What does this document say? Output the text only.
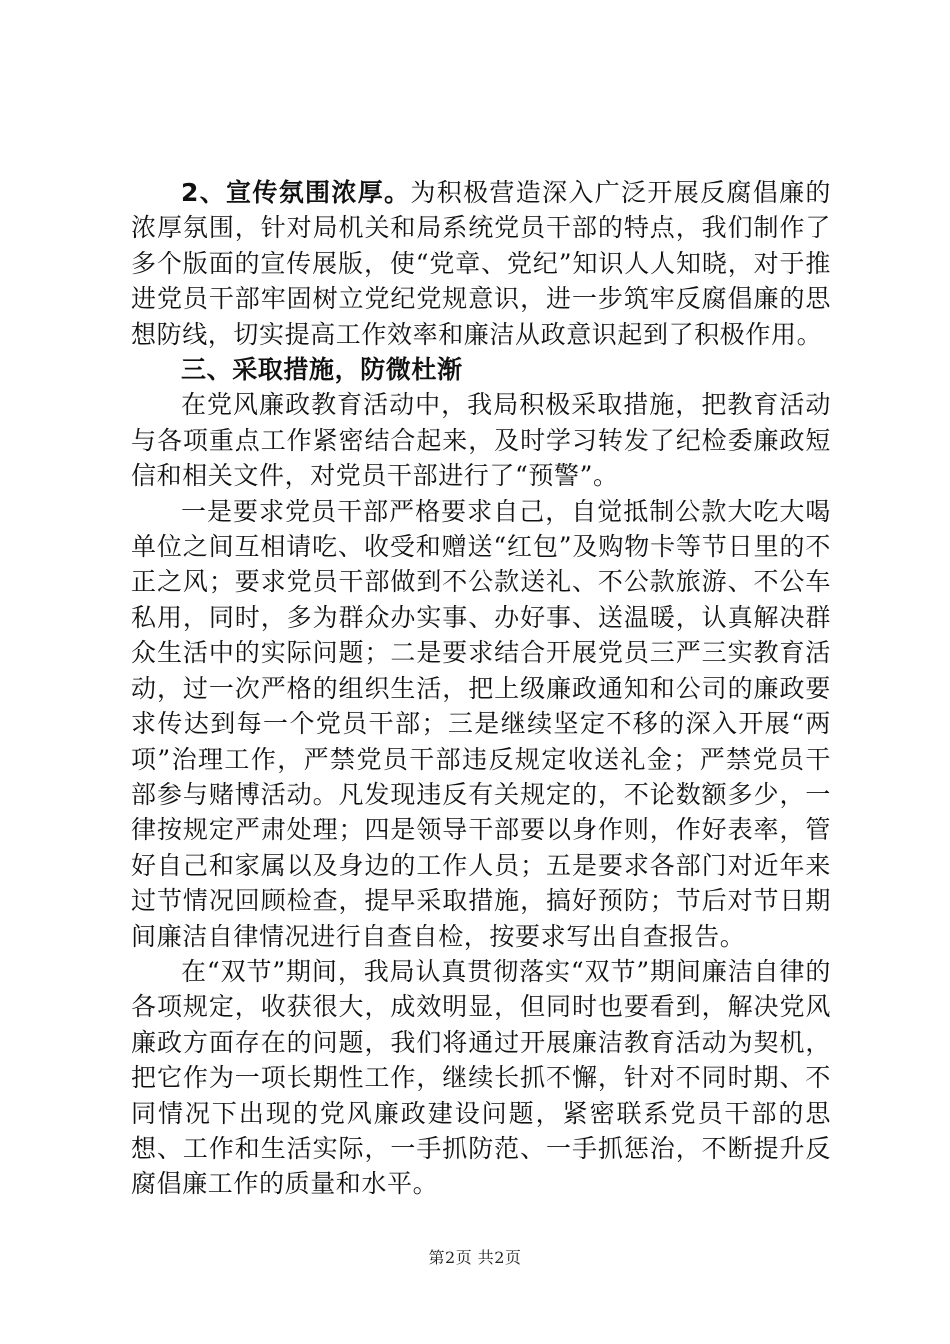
2、宣传氛围浓厚。为积极营造深入广泛开展反腐倡廉的浓厚氛围，针对局机关和局系统党员干部的特点，我们制作了多个版面的宣传展版，使“党章、党纪”知识人人知晓，对于推进党员干部牢固树立党纪党规意识，进一步筑牢反腐倡廉的思想防线，切实提高工作效率和廉洁从政意识起到了积极作用。

三、采取措施，防微杜渐

在党风廉政教育活动中，我局积极采取措施，把教育活动与各项重点工作紧密结合起来，及时学习转发了纪检委廉政短信和相关文件，对党员干部进行了“预警”。

一是要求党员干部严格要求自己，自觉抵制公款大吃大喝单位之间互相请吃、收受和赠送“红包”及购物卡等节日里的不正之风；要求党员干部做到不公款送礼、不公款旅游、不公车私用，同时，多为群众办实事、办好事、送温暖，认真解决群众生活中的实际问题；二是要求结合开展党员三严三实教育活动，过一次严格的组织生活，把上级廉政通知和公司的廉政要求传达到每一个党员干部；三是继续坚定不移的深入开展“两项”治理工作，严禁党员干部违反规定收送礼金；严禁党员干部参与赌博活动。凡发现违反有关规定的，不论数额多少，一律按规定严肃处理；四是领导干部要以身作则，作好表率，管好自己和家属以及身边的工作人员；五是要求各部门对近年来过节情况回顾检查，提早采取措施，搞好预防；节后对节日期间廉洁自律情况进行自查自检，按要求写出自查报告。

在“双节”期间，我局认真贯彻落实“双节”期间廉洁自律的各项规定，收获很大，成效明显，但同时也要看到，解决党风廉政方面存在的问题，我们将通过开展廉洁教育活动为契机，把它作为一项长期性工作，继续长抓不懈，针对不同时期、不同情况下出现的党风廉政建设问题，紧密联系党员干部的思想、工作和生活实际，一手抓防范、一手抓惩治，不断提升反腐倡廉工作的质量和水平。

第2页 共2页
